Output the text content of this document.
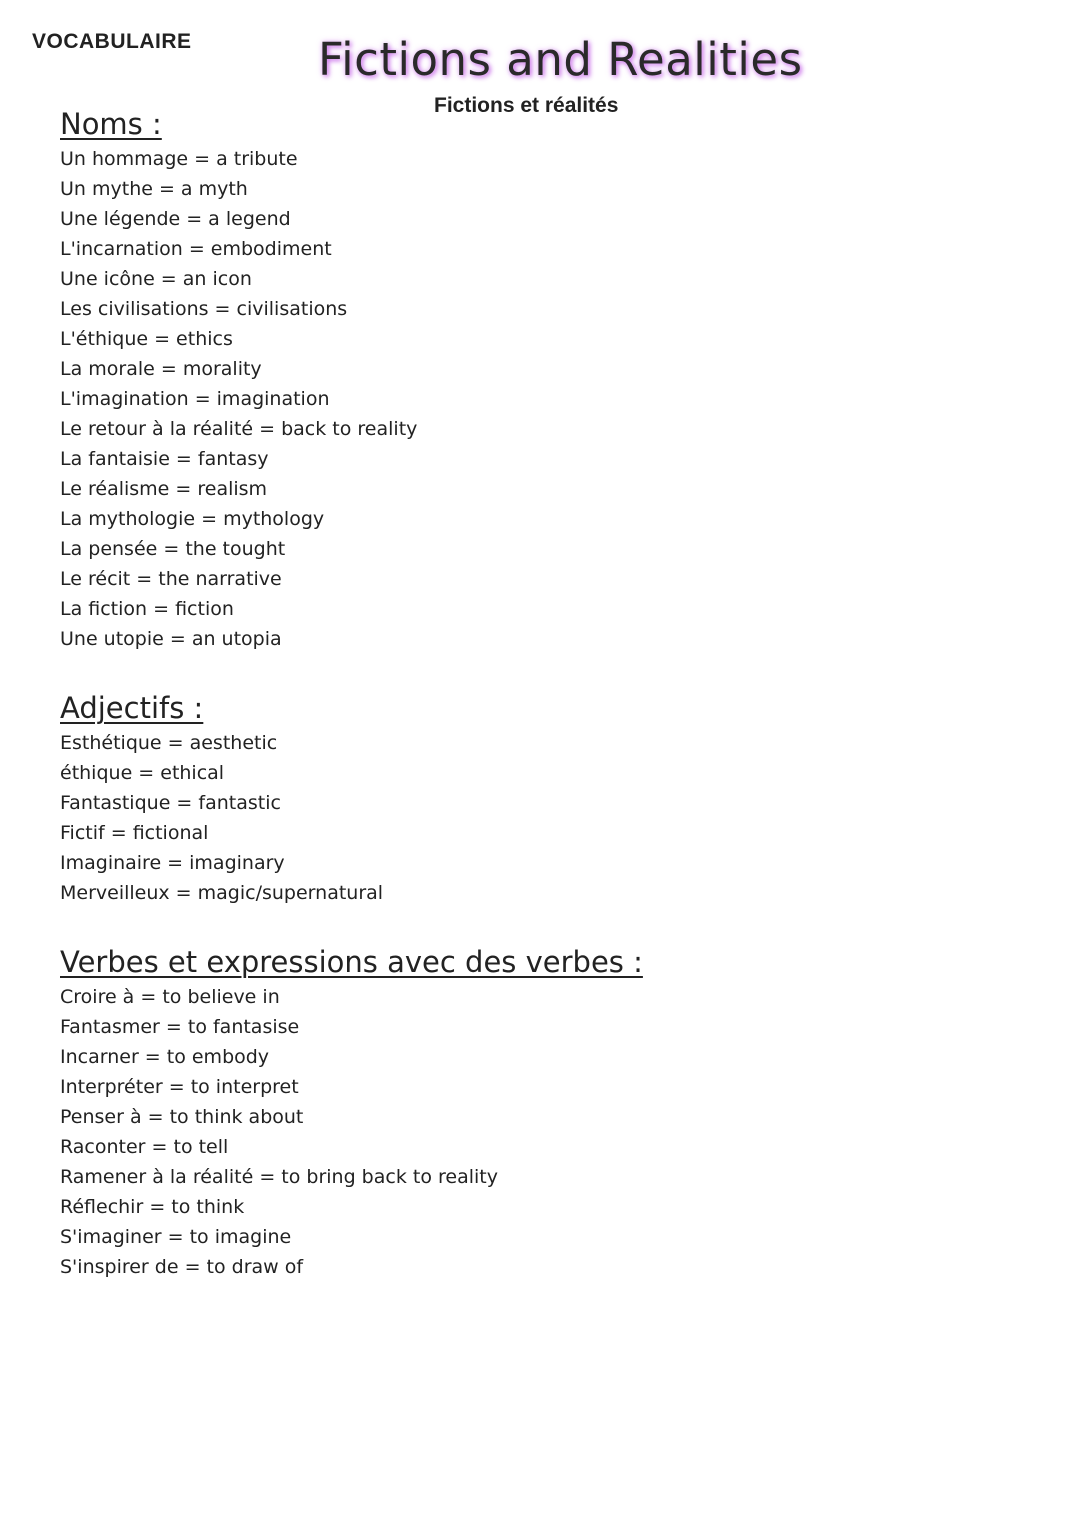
VOCABULAIRE	Fictions and Realities
Fictions et réalités
Noms :
Un hommage = a tribute
Un mythe = a myth
Une légende = a legend
L'incarnation = embodiment
Une icône = an icon
Les civilisations = civilisations
L'éthique = ethics
La morale = morality
L'imagination = imagination
Le retour à la réalité = back to reality
La fantaisie = fantasy
Le réalisme = realism
La mythologie = mythology
La pensée = the tought
Le récit = the narrative
La fiction = fiction
Une utopie = an utopia
Adjectifs :
Esthétique = aesthetic
éthique = ethical
Fantastique = fantastic
Fictif = fictional
Imaginaire = imaginary
Merveilleux = magic/supernatural
Verbes et expressions avec des verbes :
Croire à = to believe in
Fantasmer = to fantasise
Incarner = to embody
Interpréter = to interpret
Penser à = to think about
Raconter = to tell
Ramener à la réalité = to bring back to reality
Réflechir = to think
S'imaginer = to imagine
S'inspirer de = to draw of
